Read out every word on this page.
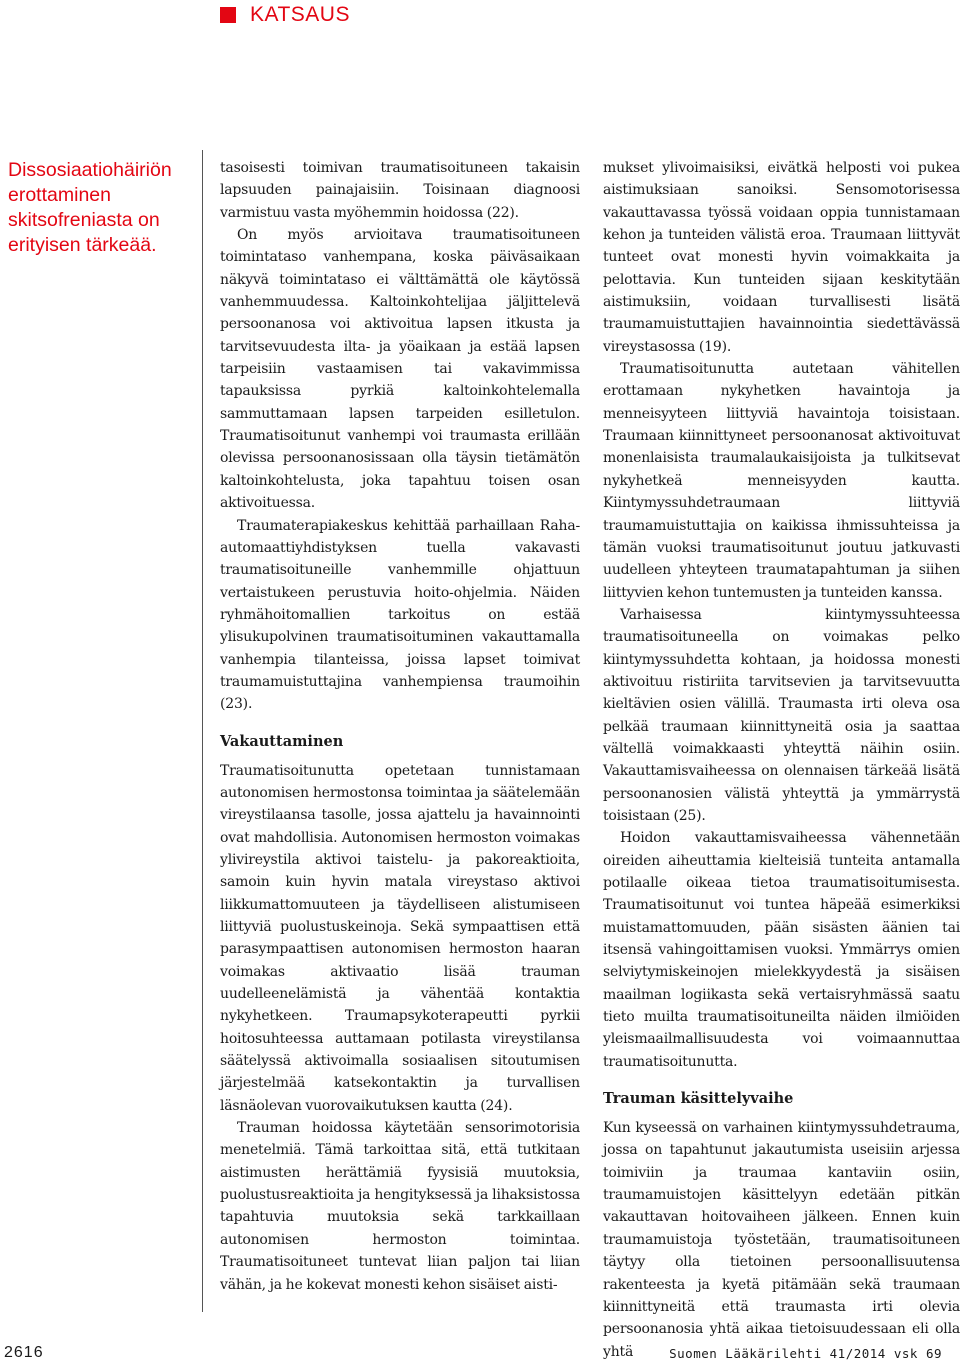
KATSAUS

Dissosiaatiohäiriön
erottaminen
skitsofreniasta on
erityisen tärkeää.

tasoisesti toimivan traumatisoituneen takaisin lapsuuden painajaisiin. Toisinaan diagnoosi varmistuu vasta myöhemmin hoidossa (22).

On myös arvioitava traumatisoituneen toimintataso vanhempana, koska päiväsaikaan näkyvä toimintataso ei välttämättä ole käytössä vanhemmuudessa. Kaltoinkohtelijaa jäljittelevä persoonanosa voi aktivoitua lapsen itkusta ja tarvitsevuudesta ilta- ja yöaikaan ja estää lapsen tarpeisiin vastaamisen tai vakavimmissa tapauksissa pyrkiä kaltoinkohtelemalla sammuttamaan lapsen tarpeiden esilletulon. Traumatisoitunut vanhempi voi traumasta erillään olevissa persoonanosissaan olla täysin tietämätön kaltoinkohtelusta, joka tapahtuu toisen osan aktivoituessa.

Traumaterapiakeskus kehittää parhaillaan Raha-automaattiyhdistyksen tuella vakavasti traumatisoituneille vanhemmille ohjattuun vertaistukeen perustuvia hoito-ohjelmia. Näiden ryhmähoitomallien tarkoitus on estää ylisukupolvinen traumatisoituminen vakauttamalla vanhempia tilanteissa, joissa lapset toimivat traumamuistuttajina vanhempiensa traumoihin (23).

Vakauttaminen

Traumatisoitunutta opetetaan tunnistamaan autonomisen hermostonsa toimintaa ja säätelemään vireystilaansa tasolle, jossa ajattelu ja havainnointi ovat mahdollisia. Autonomisen hermoston voimakas ylivireystila aktivoi taistelu- ja pakoreaktioita, samoin kuin hyvin matala vireystaso aktivoi liikkumattomuuteen ja täydelliseen alistumiseen liittyviä puolustuskeinoja. Sekä sympaattisen että parasympaattisen autonomisen hermoston haaran voimakas aktivaatio lisää trauman uudelleenelämistä ja vähentää kontaktia nykyhetkeen. Traumapsykoterapeutti pyrkii hoitosuhteessa auttamaan potilasta vireystilansa säätelyssä aktivoimalla sosiaalisen sitoutumisen järjestelmää katsekontaktin ja turvallisen läsnäolevan vuorovaikutuksen kautta (24).

Trauman hoidossa käytetään sensorimotorisia menetelmiä. Tämä tarkoittaa sitä, että tutkitaan aistimusten herättämiä fyysisiä muutoksia, puolustusreaktioita ja hengityksessä ja lihaksistossa tapahtuvia muutoksia sekä tarkkaillaan autonomisen hermoston toimintaa. Traumatisoituneet tuntevat liian paljon tai liian vähän, ja he kokevat monesti kehon sisäiset aisti-

mukset ylivoimaisiksi, eivätkä helposti voi pukea aistimuksiaan sanoiksi. Sensomotorisessa vakauttavassa työssä voidaan oppia tunnistamaan kehon ja tunteiden välistä eroa. Traumaan liittyvät tunteet ovat monesti hyvin voimakkaita ja pelottavia. Kun tunteiden sijaan keskitytään aistimuksiin, voidaan turvallisesti lisätä traumamuistuttajien havainnointia siedettävässä vireystasossa (19).

Traumatisoitunutta autetaan vähitellen erottamaan nykyhetken havaintoja ja menneisyyteen liittyviä havaintoja toisistaan. Traumaan kiinnittyneet persoonanosat aktivoituvat monenlaisista traumalaukaisijoista ja tulkitsevat nykyhetkeä menneisyyden kautta. Kiintymyssuhdetraumaan liittyviä traumamuistuttajia on kaikissa ihmissuhteissa ja tämän vuoksi traumatisoitunut joutuu jatkuvasti uudelleen yhteyteen traumatapahtuman ja siihen liittyvien kehon tuntemusten ja tunteiden kanssa.

Varhaisessa kiintymyssuhteessa traumatisoituneella on voimakas pelko kiintymyssuhdetta kohtaan, ja hoidossa monesti aktivoituu ristiriita tarvitsevien ja tarvitsevuutta kieltävien osien välillä. Traumasta irti oleva osa pelkää traumaan kiinnittyneitä osia ja saattaa vältellä voimakkaasti yhteyttä näihin osiin. Vakauttamisvaiheessa on olennaisen tärkeää lisätä persoonanosien välistä yhteyttä ja ymmärrystä toisistaan (25).

Hoidon vakauttamisvaiheessa vähennetään oireiden aiheuttamia kielteisiä tunteita antamalla potilaalle oikeaa tietoa traumatisoitumisesta. Traumatisoitunut voi tuntea häpeää esimerkiksi muistamattomuuden, pään sisästen äänien tai itsensä vahingoittamisen vuoksi. Ymmärrys omien selviytymiskeinojen mielekkyydestä ja sisäisen maailman logiikasta sekä vertaisryhmässä saatu tieto muilta traumatisoituneilta näiden ilmiöiden yleismaailmallisuudesta voi voimaannuttaa traumatisoitunutta.

Trauman käsittelyvaihe

Kun kyseessä on varhainen kiintymyssuhdetrauma, jossa on tapahtunut jakautumista useisiin arjessa toimiviin ja traumaa kantaviin osiin, traumamuistojen käsittelyyn edetään pitkän vakauttavan hoitovaiheen jälkeen. Ennen kuin traumamuistoja työstetään, traumatisoituneen täytyy olla tietoinen persoonallisuutensa rakenteesta ja kyetä pitämään sekä traumaan kiinnittyneitä että traumasta irti olevia persoonanosia yhtä aikaa tietoisuudessaan eli olla yhtä

2616	Suomen Lääkärilehti 41/2014 vsk 69
